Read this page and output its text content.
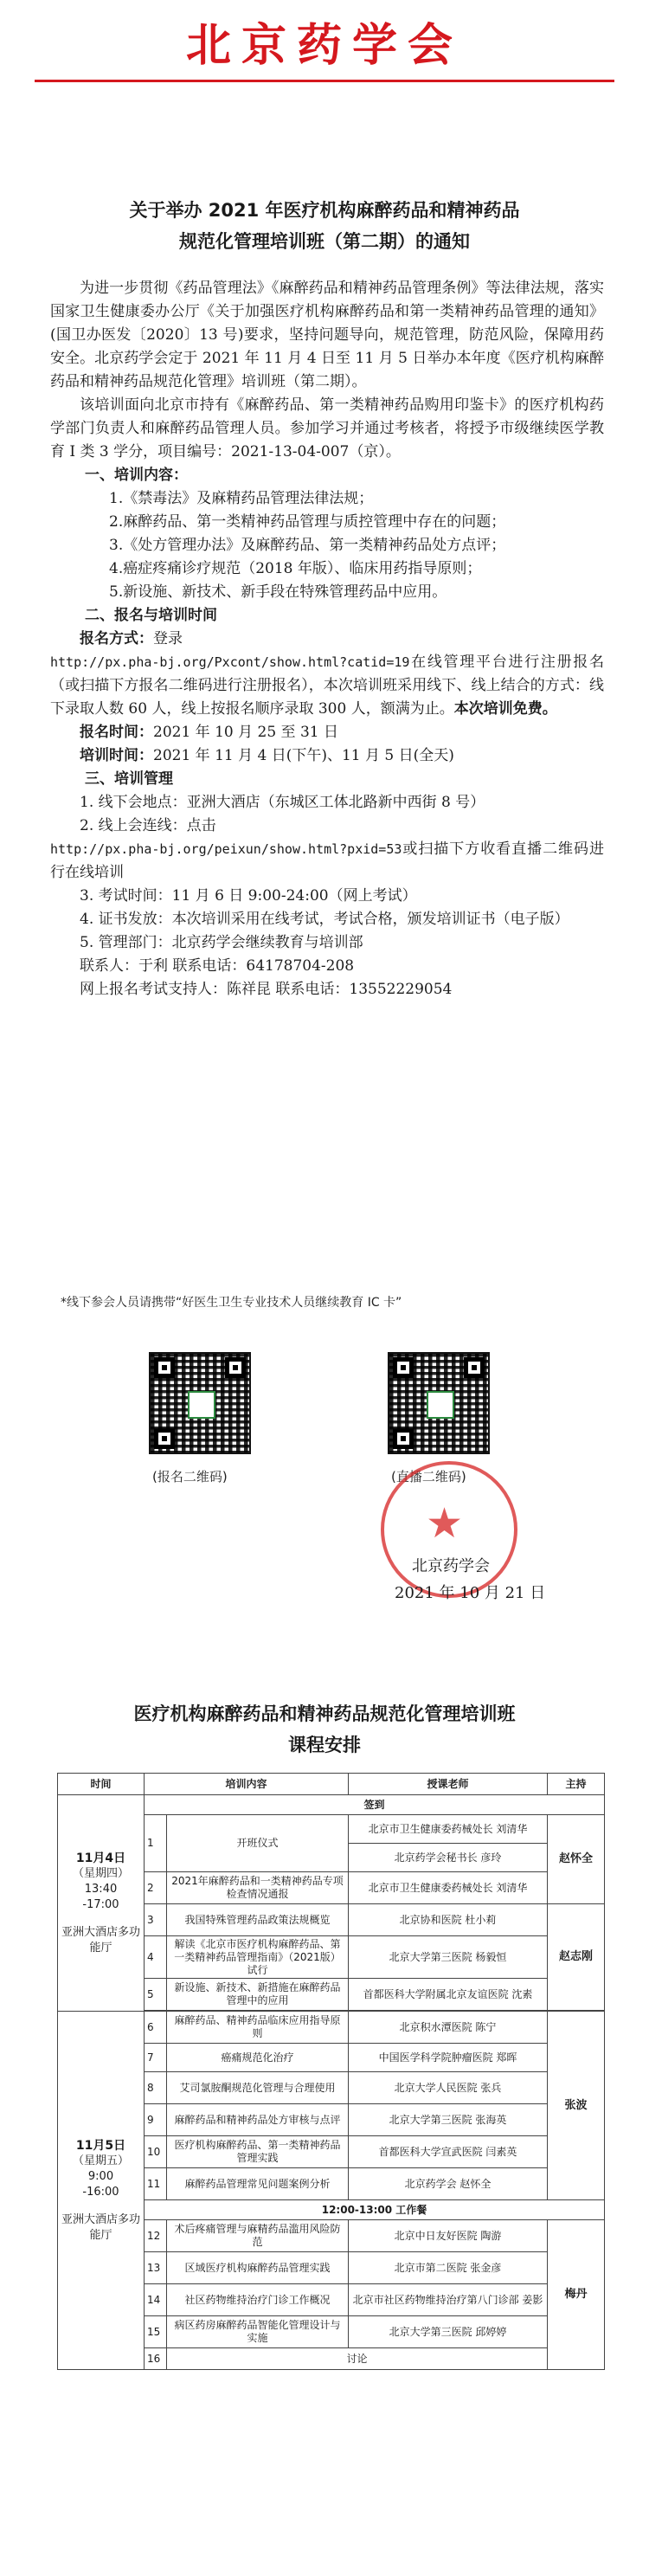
北京药学会
关于举办 2021 年医疗机构麻醉药品和精神药品
规范化管理培训班（第二期）的通知

为进一步贯彻《药品管理法》《麻醉药品和精神药品管理条例》等法律法规，落实国家卫生健康委办公厅《关于加强医疗机构麻醉药品和第一类精神药品管理的通知》(国卫办医发〔2020〕13 号)要求，坚持问题导向，规范管理，防范风险，保障用药安全。北京药学会定于 2021 年 11 月 4 日至 11 月 5 日举办本年度《医疗机构麻醉药品和精神药品规范化管理》培训班（第二期）。

该培训面向北京市持有《麻醉药品、第一类精神药品购用印鉴卡》的医疗机构药学部门负责人和麻醉药品管理人员。参加学习并通过考核者，将授予市级继续医学教育 I 类 3 学分，项目编号：2021-13-04-007（京）。

一、培训内容：

1.《禁毒法》及麻精药品管理法律法规；

2.麻醉药品、第一类精神药品管理与质控管理中存在的问题；

3.《处方管理办法》及麻醉药品、第一类精神药品处方点评；

4.癌症疼痛诊疗规范（2018 年版）、临床用药指导原则；

5.新设施、新技术、新手段在特殊管理药品中应用。

二、报名与培训时间

报名方式：登录

http://px.pha-bj.org/Pxcont/show.html?catid=19在线管理平台进行注册报名（或扫描下方报名二维码进行注册报名），本次培训班采用线下、线上结合的方式：线下录取人数 60 人，线上按报名顺序录取 300 人，额满为止。本次培训免费。

报名时间：2021 年 10 月 25 至 31 日

培训时间：2021 年 11 月 4 日(下午)、11 月 5 日(全天)

三、培训管理

1. 线下会地点：亚洲大酒店（东城区工体北路新中西街 8 号）

2. 线上会连线：点击

http://px.pha-bj.org/peixun/show.html?pxid=53或扫描下方收看直播二维码进行在线培训

3. 考试时间：11 月 6 日 9:00-24:00（网上考试）

4. 证书发放：本次培训采用在线考试，考试合格，颁发培训证书（电子版）

5. 管理部门：北京药学会继续教育与培训部

联系人：于利 联系电话：64178704-208

网上报名考试支持人：陈祥昆 联系电话：13552229054

*线下参会人员请携带“好医生卫生专业技术人员继续教育 IC 卡”
(报名二维码)	(直播二维码)
★
北京药学会
2021 年 10 月 21 日
医疗机构麻醉药品和精神药品规范化管理培训班
课程安排
时间	培训内容		授课老师	主持

11月4日
（星期四）
13:40
-17:00
亚洲大酒店多功能厅	签到			
	1	开班仪式	北京市卫生健康委药械处长 刘清华	赵怀全
			北京药学会秘书长 彦玲	
	2	2021年麻醉药品和一类精神药品专项检查情况通报	北京市卫生健康委药械处长 刘清华	
	3	我国特殊管理药品政策法规概览	北京协和医院 杜小莉	赵志刚
	4	解读《北京市医疗机构麻醉药品、第一类精神药品管理指南》（2021版）试行	北京大学第三医院 杨毅恒	
	5	新设施、新技术、新措施在麻醉药品管理中的应用	首都医科大学附属北京友谊医院 沈素	

11月5日
（星期五）
9:00
-16:00
亚洲大酒店多功能厅	6	麻醉药品、精神药品临床应用指导原则	北京积水潭医院 陈宁	张波
	7	癌痛规范化治疗	中国医学科学院肿瘤医院 郑晖	
	8	艾司氯胺酮规范化管理与合理使用	北京大学人民医院 张兵	
	9	麻醉药品和精神药品处方审核与点评	北京大学第三医院 张海英	
	10	医疗机构麻醉药品、第一类精神药品管理实践	首都医科大学宣武医院 闫素英	
	11	麻醉药品管理常见问题案例分析	北京药学会 赵怀全	
	12:00-13:00 工作餐			
	12	术后疼痛管理与麻精药品滥用风险防范	北京中日友好医院 陶游	梅丹
	13	区域医疗机构麻醉药品管理实践	北京市第二医院 张金彦	
	14	社区药物维持治疗门诊工作概况	北京市社区药物维持治疗第八门诊部 姜影	
	15	病区药房麻醉药品智能化管理设计与实施	北京大学第三医院 邱婷婷	
	16	讨论		
